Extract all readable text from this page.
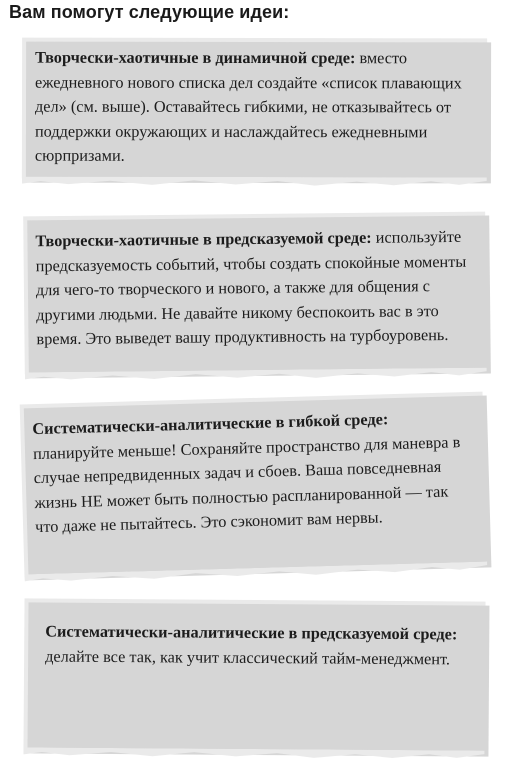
Вам помогут следующие идеи:
Творчески-хаотичные в динамичной среде: вместо ежедневного нового списка дел создайте «список плавающих дел» (см. выше). Оставайтесь гибкими, не отказывайтесь от поддержки окружающих и наслаждайтесь ежедневными сюрпризами.
Творчески-хаотичные в предсказуемой среде: используйте предсказуемость событий, чтобы создать спокойные моменты для чего-то творческого и нового, а также для общения с другими людьми. Не давайте никому беспокоить вас в это время. Это выведет вашу продуктивность на турбоуровень.
Систематически-аналитические в гибкой среде: планируйте меньше! Сохраняйте пространство для маневра в случае непредвиденных задач и сбоев. Ваша повседневная жизнь НЕ может быть полностью распланированной — так что даже не пытайтесь. Это сэкономит вам нервы.
Систематически-аналитические в предсказуемой среде: делайте все так, как учит классический тайм-менеджмент.
